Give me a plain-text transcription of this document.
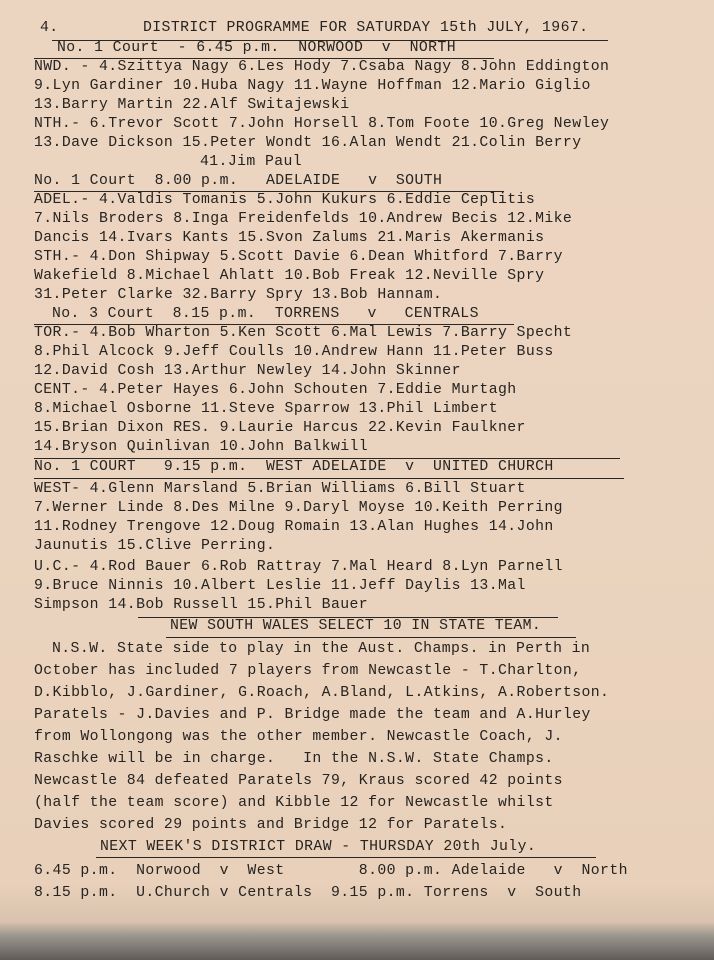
4.	DISTRICT PROGRAMME FOR SATURDAY 15th JULY, 1967.
No. 1 Court  - 6.45 p.m.  NORWOOD  v  NORTH
NWD. - 4.Szittya Nagy 6.Les Hody 7.Csaba Nagy 8.John Eddington
9.Lyn Gardiner 10.Huba Nagy 11.Wayne Hoffman 12.Mario Giglio
13.Barry Martin 22.Alf Switajewski
NTH.- 6.Trevor Scott 7.John Horsell 8.Tom Foote 10.Greg Newley
13.Dave Dickson 15.Peter Wondt 16.Alan Wendt 21.Colin Berry
41.Jim Paul
No. 1 Court  8.00 p.m.   ADELAIDE   v  SOUTH
ADEL.- 4.Valdis Tomanis 5.John Kukurs 6.Eddie Ceplitis
7.Nils Broders 8.Inga Freidenfelds 10.Andrew Becis 12.Mike
Dancis 14.Ivars Kants 15.Svon Zalums 21.Maris Akermanis
STH.- 4.Don Shipway 5.Scott Davie 6.Dean Whitford 7.Barry
Wakefield 8.Michael Ahlatt 10.Bob Freak 12.Neville Spry
31.Peter Clarke 32.Barry Spry 13.Bob Hannam.
No. 3 Court  8.15 p.m.  TORRENS   v   CENTRALS
TOR.- 4.Bob Wharton 5.Ken Scott 6.Mal Lewis 7.Barry Specht
8.Phil Alcock 9.Jeff Coulls 10.Andrew Hann 11.Peter Buss
12.David Cosh 13.Arthur Newley 14.John Skinner
CENT.- 4.Peter Hayes 6.John Schouten 7.Eddie Murtagh
8.Michael Osborne 11.Steve Sparrow 13.Phil Limbert
15.Brian Dixon RES. 9.Laurie Harcus 22.Kevin Faulkner
14.Bryson Quinlivan 10.John Balkwill
No. 1 COURT   9.15 p.m.  WEST ADELAIDE  v  UNITED CHURCH
WEST- 4.Glenn Marsland 5.Brian Williams 6.Bill Stuart
7.Werner Linde 8.Des Milne 9.Daryl Moyse 10.Keith Perring
11.Rodney Trengove 12.Doug Romain 13.Alan Hughes 14.John
Jaunutis 15.Clive Perring.
U.C.- 4.Rod Bauer 6.Rob Rattray 7.Mal Heard 8.Lyn Parnell
9.Bruce Ninnis 10.Albert Leslie 11.Jeff Daylis 13.Mal
Simpson 14.Bob Russell 15.Phil Bauer
NEW SOUTH WALES SELECT 10 IN STATE TEAM.
N.S.W. State side to play in the Aust. Champs. in Perth in
October has included 7 players from Newcastle - T.Charlton,
D.Kibblo, J.Gardiner, G.Roach, A.Bland, L.Atkins, A.Robertson.
Paratels - J.Davies and P. Bridge made the team and A.Hurley
from Wollongong was the other member. Newcastle Coach, J.
Raschke will be in charge.   In the N.S.W. State Champs.
Newcastle 84 defeated Paratels 79, Kraus scored 42 points
(half the team score) and Kibble 12 for Newcastle whilst
Davies scored 29 points and Bridge 12 for Paratels.
NEXT WEEK'S DISTRICT DRAW - THURSDAY 20th July.
6.45 p.m.  Norwood  v  West        8.00 p.m. Adelaide   v  North
8.15 p.m.  U.Church v Centrals  9.15 p.m. Torrens  v  South
